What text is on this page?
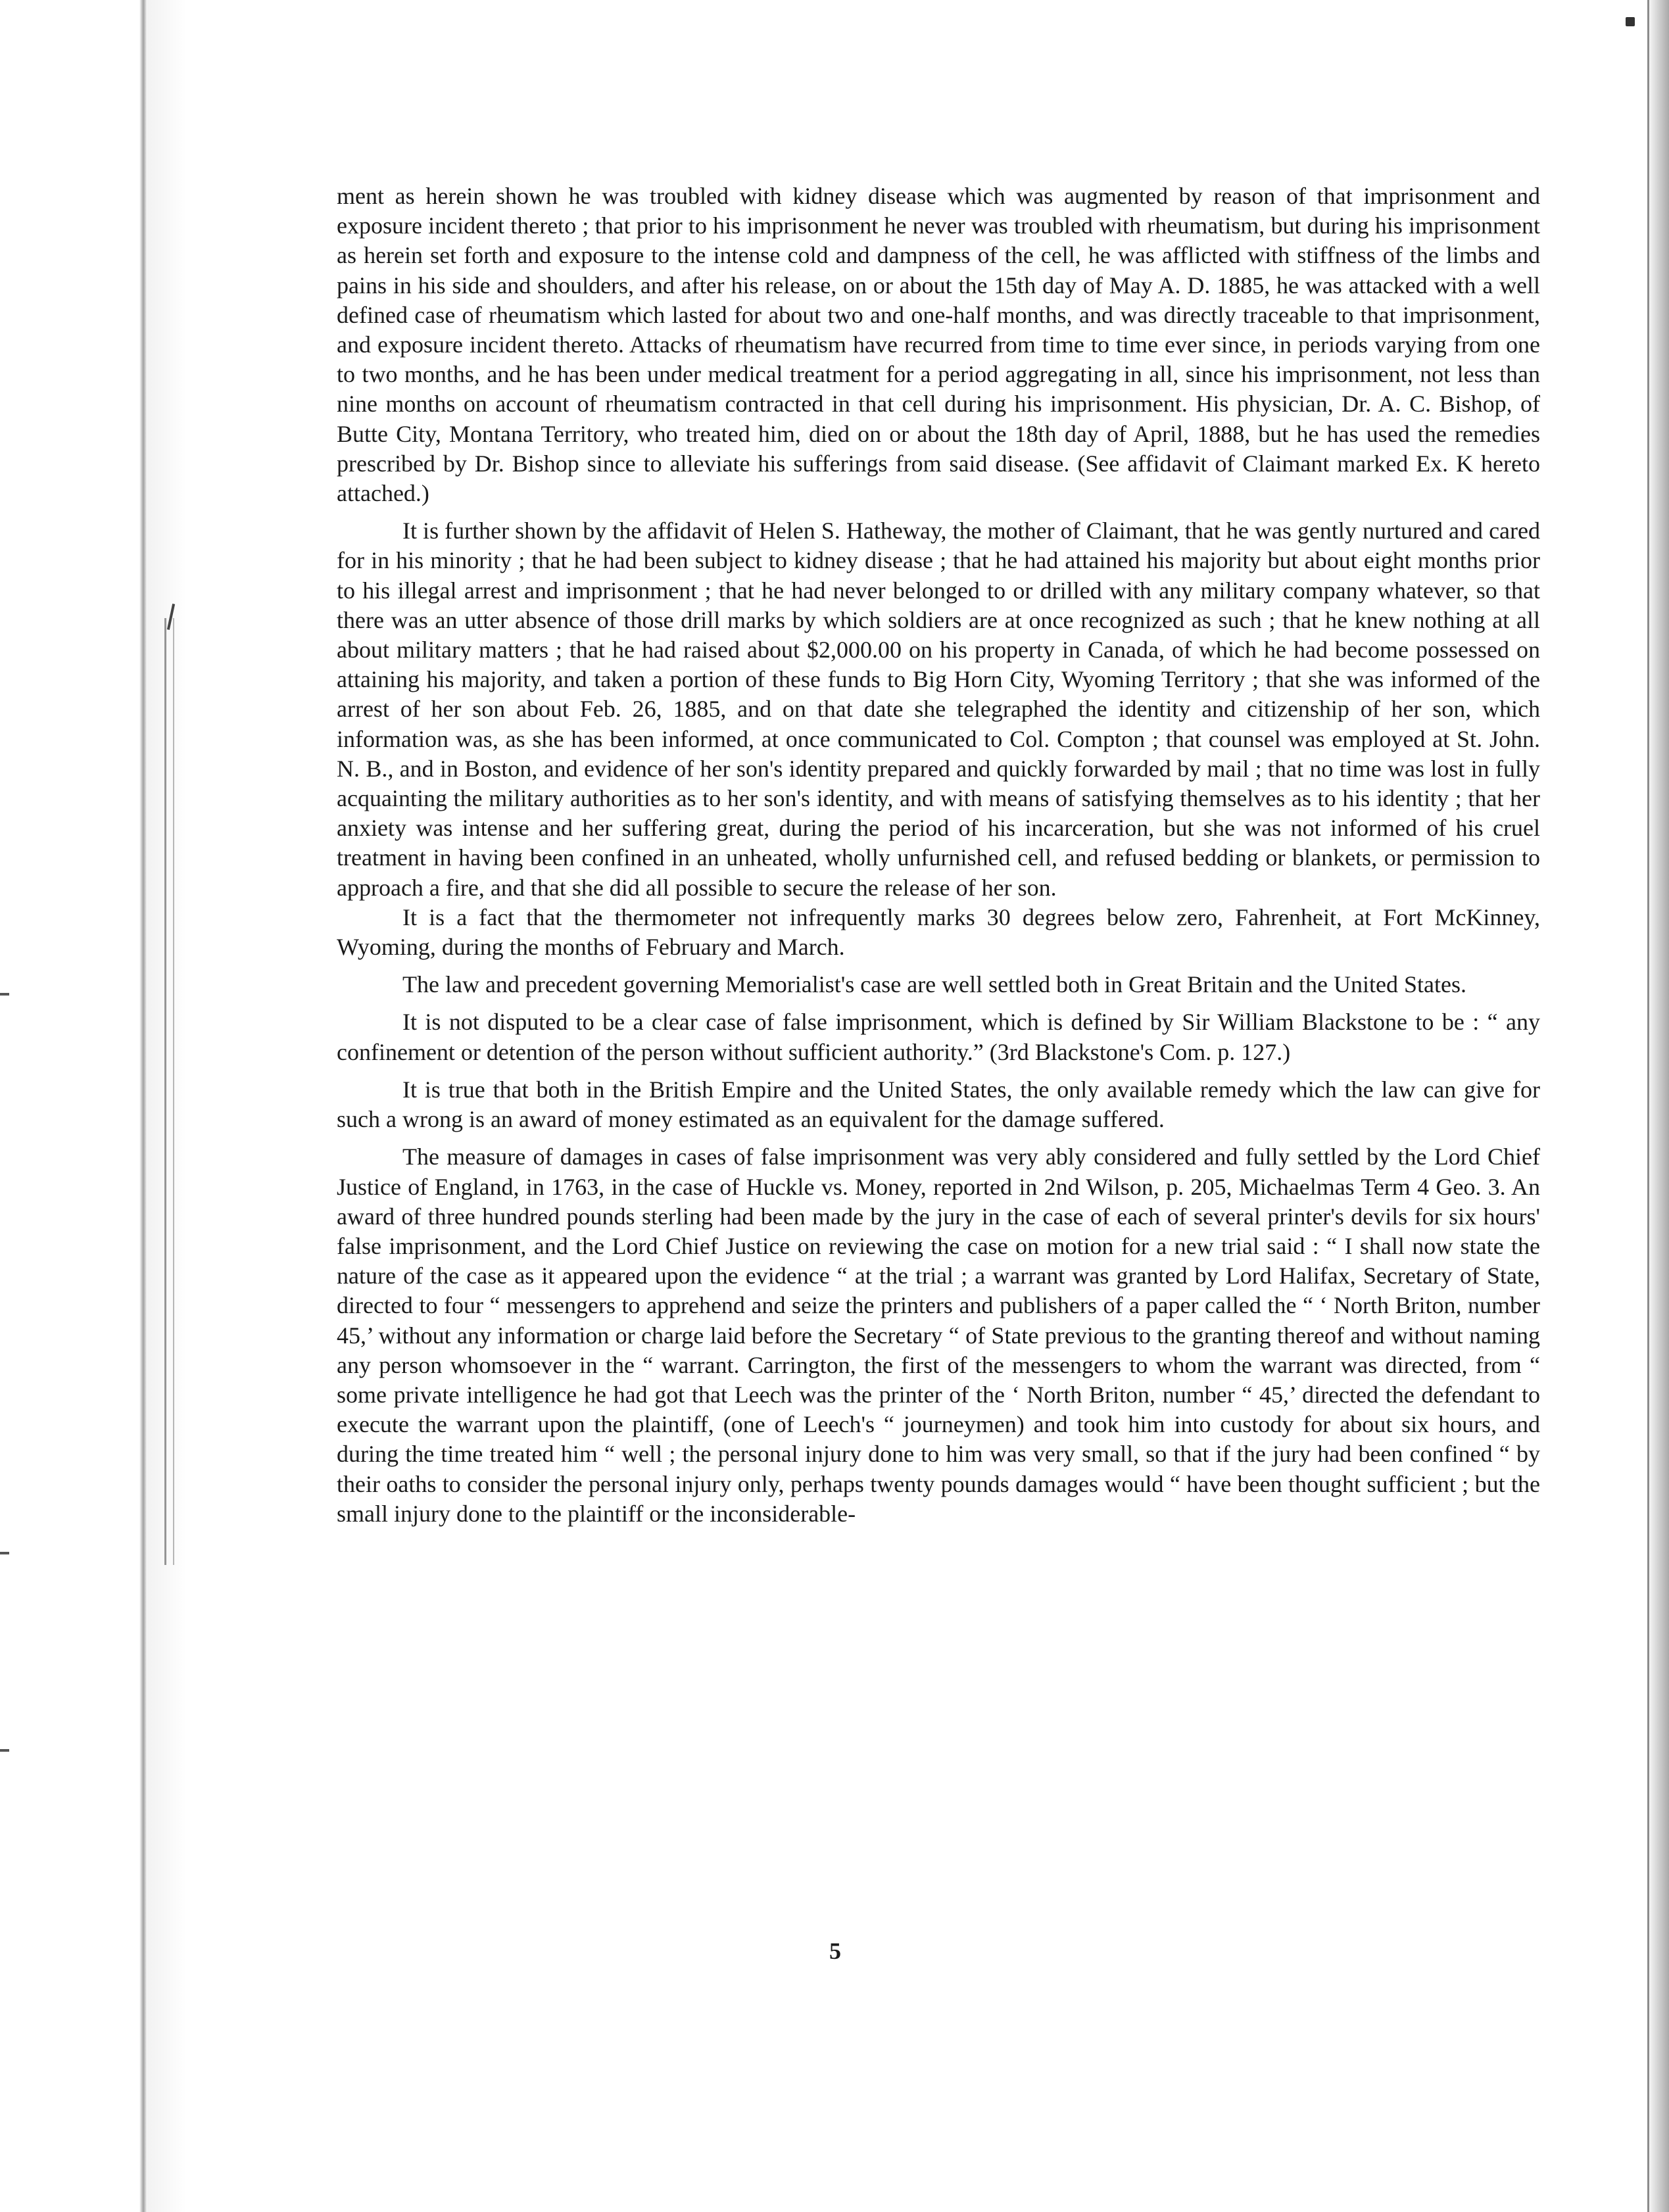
ment as herein shown he was troubled with kidney disease which was augmented by reason of that imprisonment and exposure incident thereto ; that prior to his imprisonment he never was troubled with rheumatism, but during his imprisonment as herein set forth and exposure to the intense cold and dampness of the cell, he was afflicted with stiffness of the limbs and pains in his side and shoulders, and after his release, on or about the 15th day of May A. D. 1885, he was attacked with a well defined case of rheumatism which lasted for about two and one-half months, and was directly traceable to that imprisonment, and exposure incident thereto. Attacks of rheumatism have recurred from time to time ever since, in periods varying from one to two months, and he has been under medical treatment for a period aggregating in all, since his imprisonment, not less than nine months on account of rheumatism contracted in that cell during his imprisonment. His physician, Dr. A. C. Bishop, of Butte City, Montana Territory, who treated him, died on or about the 18th day of April, 1888, but he has used the remedies prescribed by Dr. Bishop since to alleviate his sufferings from said disease. (See affidavit of Claimant marked Ex. K hereto attached.)

It is further shown by the affidavit of Helen S. Hatheway, the mother of Claimant, that he was gently nurtured and cared for in his minority ; that he had been subject to kidney disease ; that he had attained his majority but about eight months prior to his illegal arrest and imprisonment ; that he had never belonged to or drilled with any military company whatever, so that there was an utter absence of those drill marks by which soldiers are at once recognized as such ; that he knew nothing at all about military matters ; that he had raised about $2,000.00 on his property in Canada, of which he had become possessed on attaining his majority, and taken a portion of these funds to Big Horn City, Wyoming Territory ; that she was informed of the arrest of her son about Feb. 26, 1885, and on that date she telegraphed the identity and citizenship of her son, which information was, as she has been informed, at once communicated to Col. Compton ; that counsel was employed at St. John. N. B., and in Boston, and evidence of her son's identity prepared and quickly forwarded by mail ; that no time was lost in fully acquainting the military authorities as to her son's identity, and with means of satisfying themselves as to his identity ; that her anxiety was intense and her suffering great, during the period of his incarceration, but she was not informed of his cruel treatment in having been confined in an unheated, wholly unfurnished cell, and refused bedding or blankets, or permission to approach a fire, and that she did all possible to secure the release of her son.

It is a fact that the thermometer not infrequently marks 30 degrees below zero, Fahrenheit, at Fort McKinney, Wyoming, during the months of February and March.

The law and precedent governing Memorialist's case are well settled both in Great Britain and the United States.

It is not disputed to be a clear case of false imprisonment, which is defined by Sir William Blackstone to be : “ any confinement or detention of the person without sufficient authority.” (3rd Blackstone's Com. p. 127.)

It is true that both in the British Empire and the United States, the only available remedy which the law can give for such a wrong is an award of money estimated as an equivalent for the damage suffered.

The measure of damages in cases of false imprisonment was very ably considered and fully settled by the Lord Chief Justice of England, in 1763, in the case of Huckle vs. Money, reported in 2nd Wilson, p. 205, Michaelmas Term 4 Geo. 3. An award of three hundred pounds sterling had been made by the jury in the case of each of several printer's devils for six hours' false imprisonment, and the Lord Chief Justice on reviewing the case on motion for a new trial said : “ I shall now state the nature of the case as it appeared upon the evidence “ at the trial ; a warrant was granted by Lord Halifax, Secretary of State, directed to four “ messengers to apprehend and seize the printers and publishers of a paper called the “ ‘ North Briton, number 45,’ without any information or charge laid before the Secretary “ of State previous to the granting thereof and without naming any person whomsoever in the “ warrant. Carrington, the first of the messengers to whom the warrant was directed, from “ some private intelligence he had got that Leech was the printer of the ‘ North Briton, number “ 45,’ directed the defendant to execute the warrant upon the plaintiff, (one of Leech's “ journeymen) and took him into custody for about six hours, and during the time treated him “ well ; the personal injury done to him was very small, so that if the jury had been confined “ by their oaths to consider the personal injury only, perhaps twenty pounds damages would “ have been thought sufficient ; but the small injury done to the plaintiff or the inconsiderable-

5
